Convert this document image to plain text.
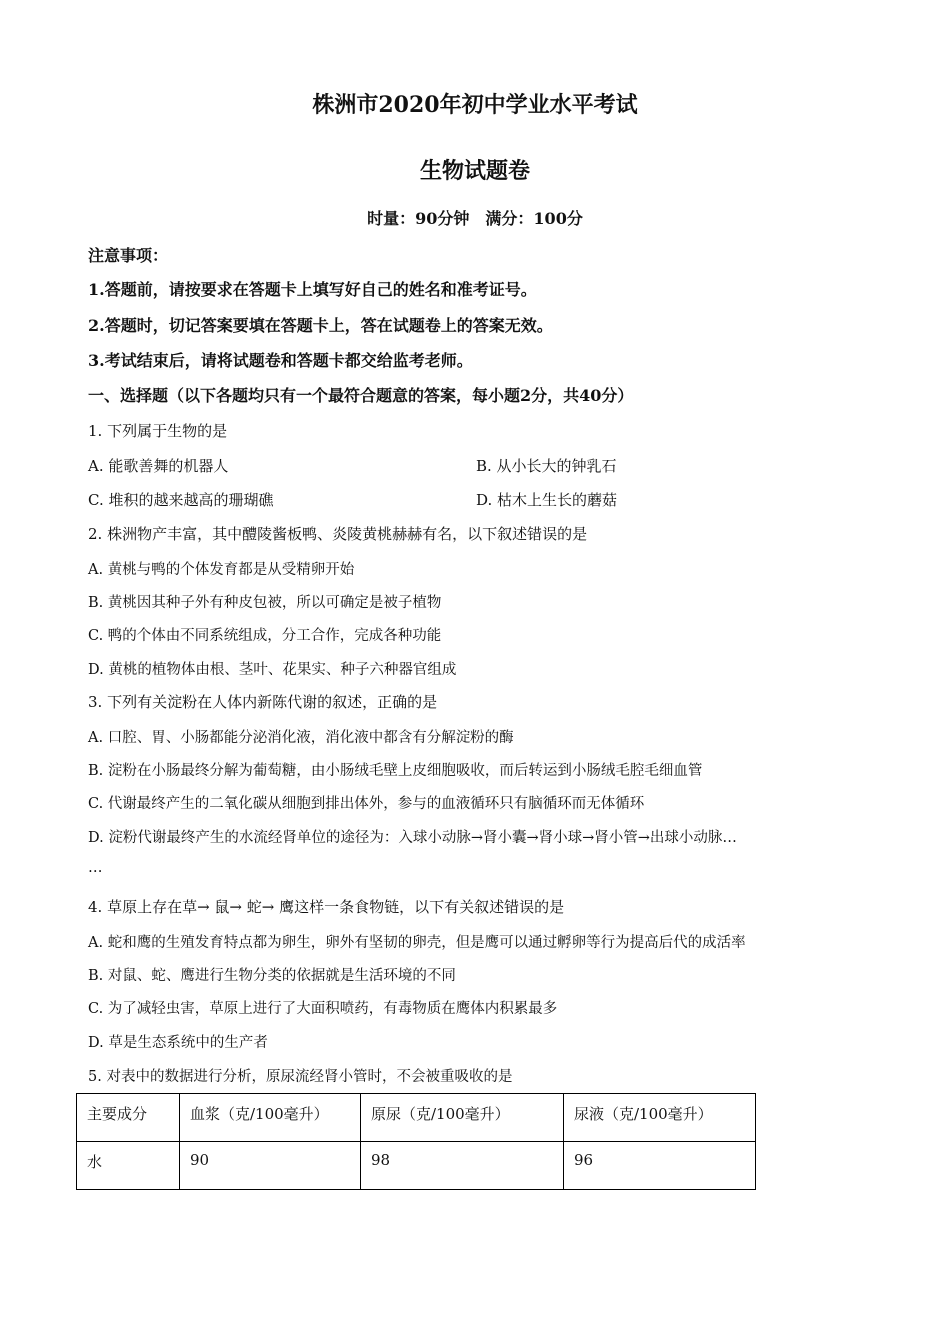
株洲市2020年初中学业水平考试
生物试题卷
时量：90分钟　满分：100分
注意事项：
1.答题前，请按要求在答题卡上填写好自己的姓名和准考证号。
2.答题时，切记答案要填在答题卡上，答在试题卷上的答案无效。
3.考试结束后，请将试题卷和答题卡都交给监考老师。
一、选择题（以下各题均只有一个最符合题意的答案，每小题2分，共40分）
1. 下列属于生物的是
A. 能歌善舞的机器人	B. 从小长大的钟乳石
C. 堆积的越来越高的珊瑚礁	D. 枯木上生长的蘑菇
2. 株洲物产丰富，其中醴陵酱板鸭、炎陵黄桃赫赫有名，以下叙述错误的是
A. 黄桃与鸭的个体发育都是从受精卵开始
B. 黄桃因其种子外有种皮包被，所以可确定是被子植物
C. 鸭的个体由不同系统组成，分工合作，完成各种功能
D. 黄桃的植物体由根、茎叶、花果实、种子六种器官组成
3. 下列有关淀粉在人体内新陈代谢的叙述，正确的是
A. 口腔、胃、小肠都能分泌消化液，消化液中都含有分解淀粉的酶
B. 淀粉在小肠最终分解为葡萄糖，由小肠绒毛壁上皮细胞吸收，而后转运到小肠绒毛腔毛细血管
C. 代谢最终产生的二氧化碳从细胞到排出体外，参与的血液循环只有脑循环而无体循环
D. 淀粉代谢最终产生的水流经肾单位的途径为：入球小动脉→肾小囊→肾小球→肾小管→出球小动脉…
…
4. 草原上存在草→ 鼠→ 蛇→ 鹰这样一条食物链，以下有关叙述错误的是
A. 蛇和鹰的生殖发育特点都为卵生，卵外有坚韧的卵壳，但是鹰可以通过孵卵等行为提高后代的成活率
B. 对鼠、蛇、鹰进行生物分类的依据就是生活环境的不同
C. 为了减轻虫害，草原上进行了大面积喷药，有毒物质在鹰体内积累最多
D. 草是生态系统中的生产者
5. 对表中的数据进行分析，原尿流经肾小管时，不会被重吸收的是
主要成分	血浆（克/100毫升）	原尿（克/100毫升）	尿液（克/100毫升）
水	90	98	96
